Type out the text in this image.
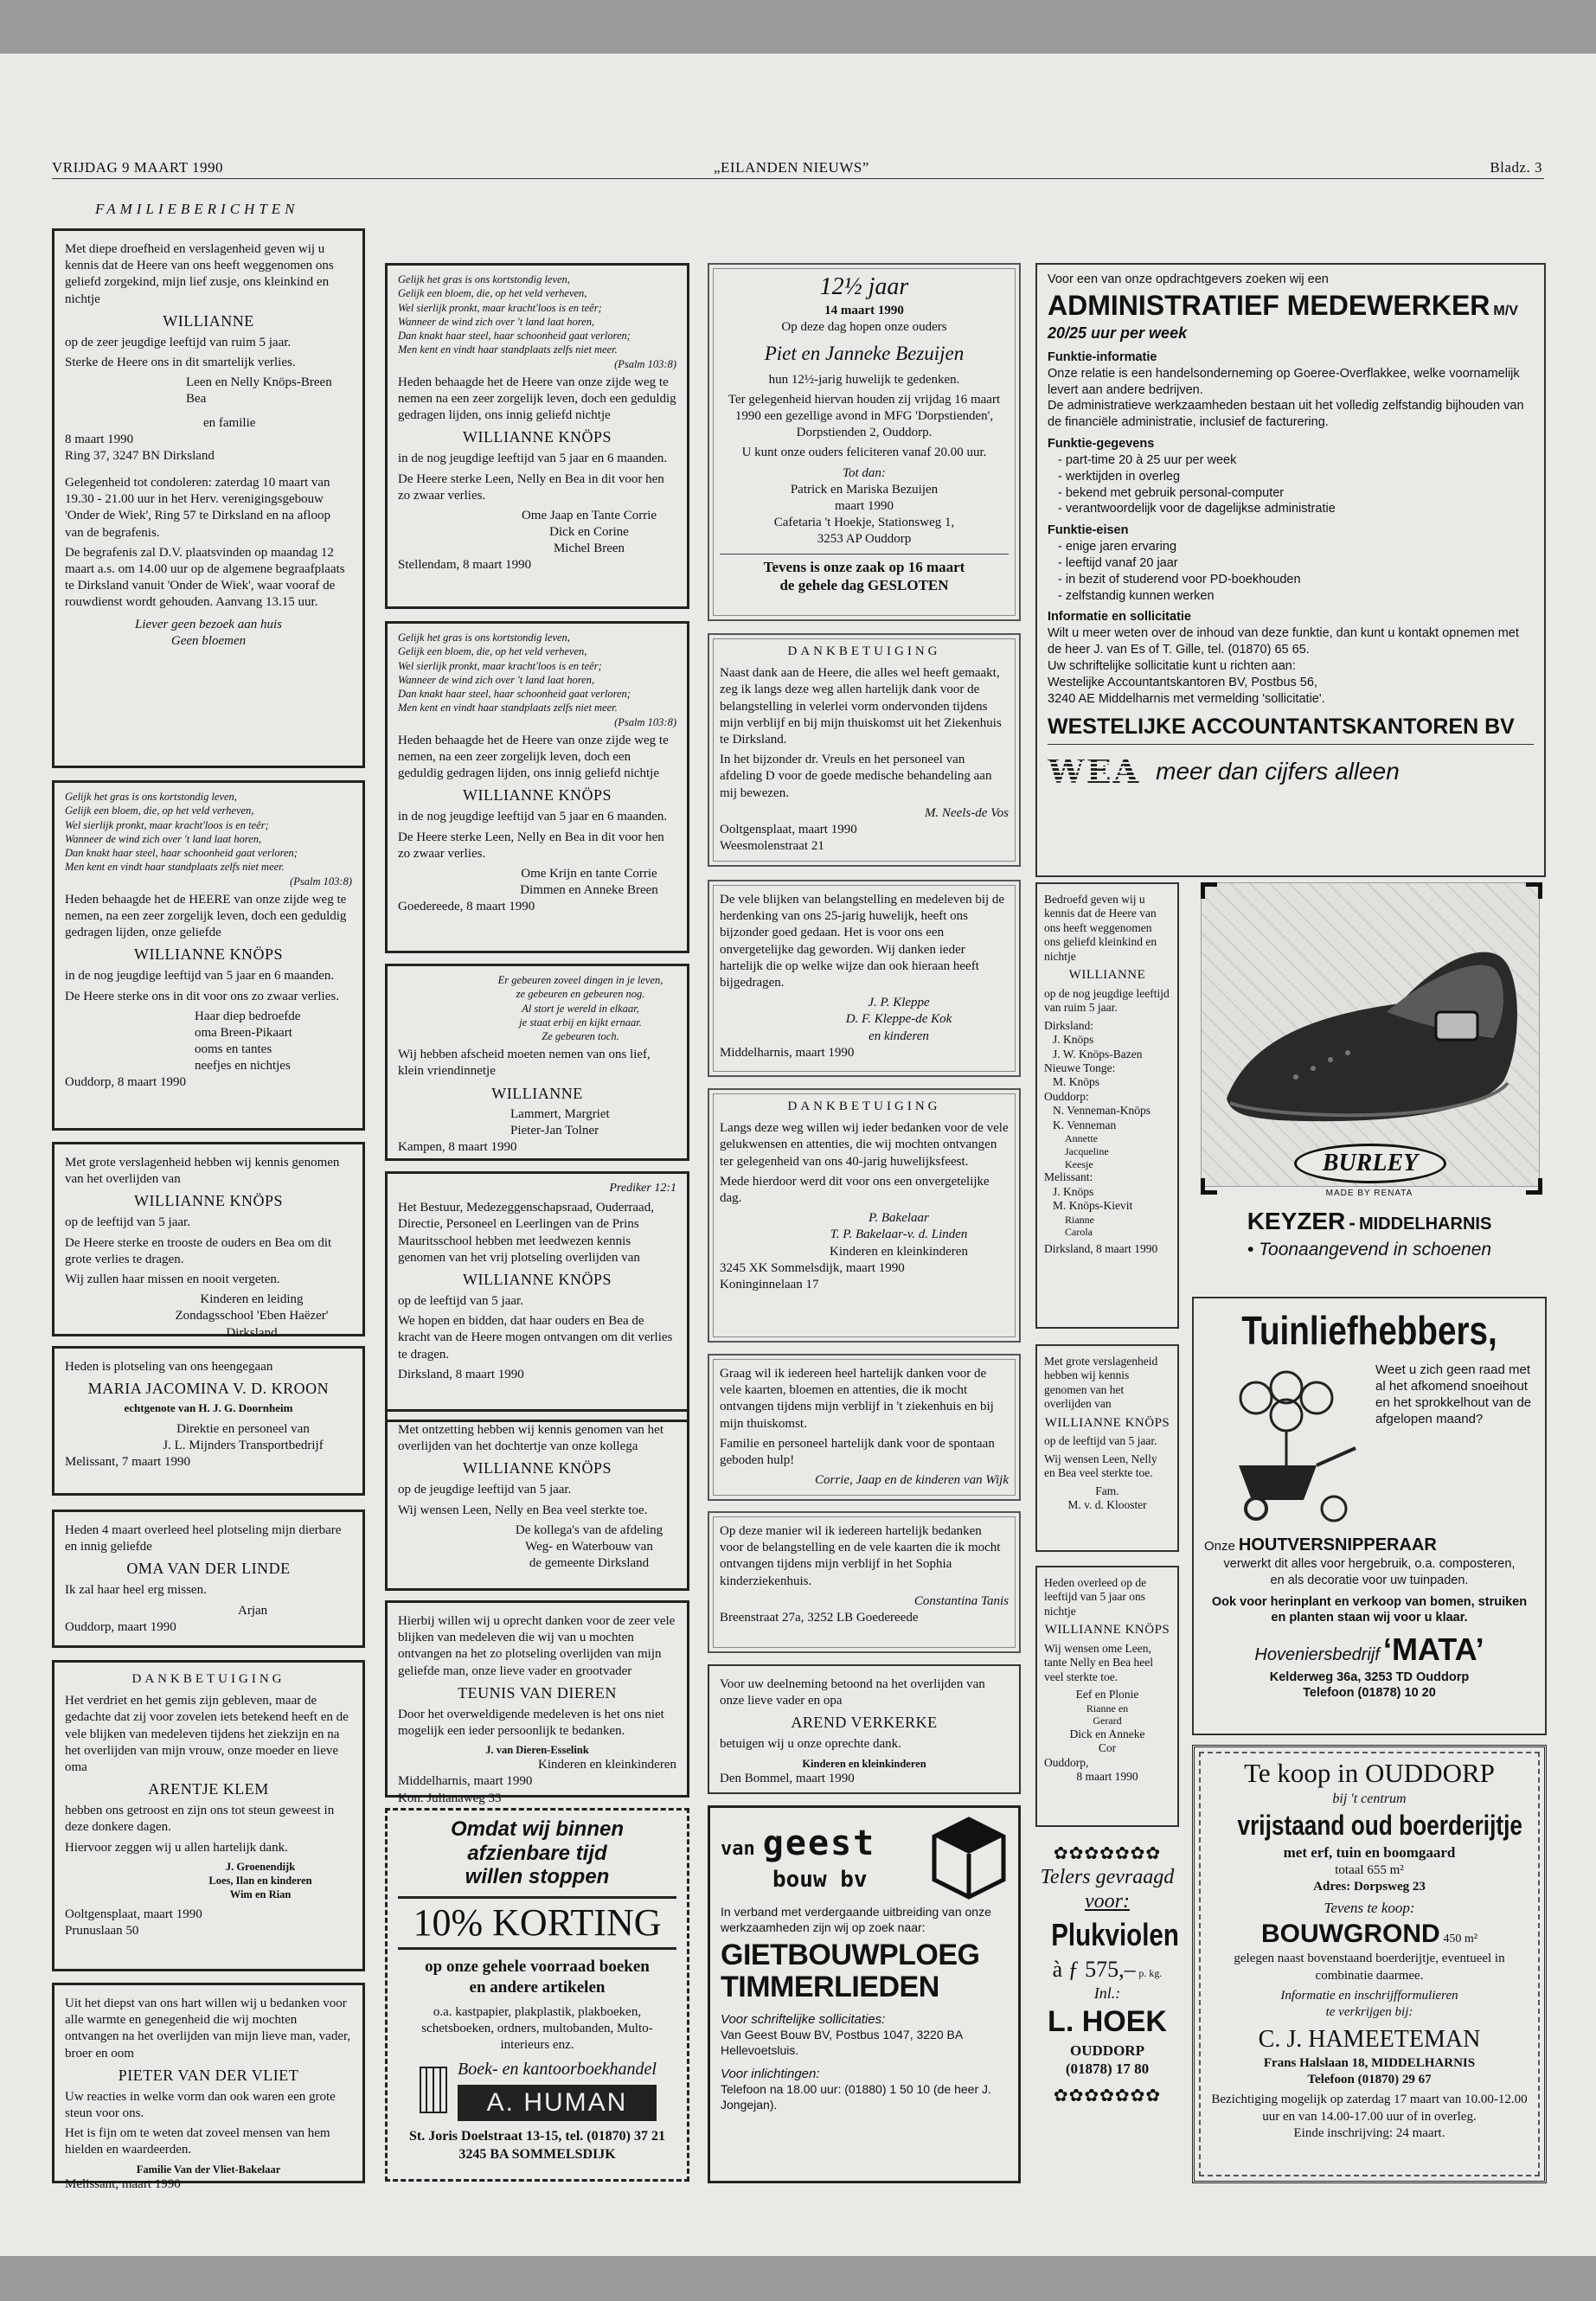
VRIJDAG 9 MAART 1990	„EILANDEN NIEUWS”	Bladz. 3
FAMILIEBERICHTEN

Met diepe droefheid en verslagenheid geven wij u kennis dat de Heere van ons heeft weggenomen ons geliefd zorgekind, mijn lief zusje, ons kleinkind en nichtje

WILLIANNE

op de zeer jeugdige leeftijd van ruim 5 jaar.

Sterke de Heere ons in dit smartelijk verlies.

Leen en Nelly Knöps-Breen
Bea
en familie
8 maart 1990
Ring 37, 3247 BN Dirksland

Gelegenheid tot condoleren: zaterdag 10 maart van 19.30 - 21.00 uur in het Herv. verenigingsgebouw 'Onder de Wiek', Ring 57 te Dirksland en na afloop van de begrafenis.

De begrafenis zal D.V. plaatsvinden op maandag 12 maart a.s. om 14.00 uur op de algemene begraafplaats te Dirksland vanuit 'Onder de Wiek', waar vooraf de rouwdienst wordt gehouden. Aanvang 13.15 uur.

Liever geen bezoek aan huis
Geen bloemen
Gelijk het gras is ons kortstondig leven,
Gelijk een bloem, die, op het veld verheven,
Wel sierlijk pronkt, maar kracht'loos is en teêr;
Wanneer de wind zich over 't land laat horen,
Dan knakt haar steel, haar schoonheid gaat verloren;
Men kent en vindt haar standplaats zelfs niet meer.
(Psalm 103:8)

Heden behaagde het de HEERE van onze zijde weg te nemen, na een zeer zorgelijk leven, doch een geduldig gedragen lijden, onze geliefde

WILLIANNE KNÖPS

in de nog jeugdige leeftijd van 5 jaar en 6 maanden.

De Heere sterke ons in dit voor ons zo zwaar verlies.

Haar diep bedroefde
oma Breen-Pikaart
ooms en tantes
neefjes en nichtjes
Ouddorp, 8 maart 1990

Met grote verslagenheid hebben wij kennis genomen van het overlijden van

WILLIANNE KNÖPS

op de leeftijd van 5 jaar.

De Heere sterke en trooste de ouders en Bea om dit grote verlies te dragen.

Wij zullen haar missen en nooit vergeten.

Kinderen en leiding
Zondagsschool 'Eben Haëzer'
Dirksland

Heden is plotseling van ons heengegaan

MARIA JACOMINA V. D. KROON
echtgenote van H. J. G. Doornheim
Direktie en personeel van
J. L. Mijnders Transportbedrijf
Melissant, 7 maart 1990

Heden 4 maart overleed heel plotseling mijn dierbare en innig geliefde

OMA VAN DER LINDE

Ik zal haar heel erg missen.

Arjan
Ouddorp, maart 1990
DANKBETUIGING

Het verdriet en het gemis zijn gebleven, maar de gedachte dat zij voor zovelen iets betekend heeft en de vele blijken van medeleven tijdens het ziekzijn en na het overlijden van mijn vrouw, onze moeder en lieve oma

ARENTJE KLEM

hebben ons getroost en zijn ons tot steun geweest in deze donkere dagen.

Hiervoor zeggen wij u allen hartelijk dank.

J. Groenendijk
Loes, Ilan en kinderen
Wim en Rian
Ooltgensplaat, maart 1990
Prunuslaan 50

Uit het diepst van ons hart willen wij u bedanken voor alle warmte en genegenheid die wij mochten ontvangen na het overlijden van mijn lieve man, vader, broer en oom

PIETER VAN DER VLIET

Uw reacties in welke vorm dan ook waren een grote steun voor ons.

Het is fijn om te weten dat zoveel mensen van hem hielden en waardeerden.

Familie Van der Vliet-Bakelaar
Melissant, maart 1990
Gelijk het gras is ons kortstondig leven,
Gelijk een bloem, die, op het veld verheven,
Wel sierlijk pronkt, maar kracht'loos is en teêr;
Wanneer de wind zich over 't land laat horen,
Dan knakt haar steel, haar schoonheid gaat verloren;
Men kent en vindt haar standplaats zelfs niet meer.
(Psalm 103:8)

Heden behaagde het de Heere van onze zijde weg te nemen na een zeer zorgelijk leven, doch een geduldig gedragen lijden, ons innig geliefd nichtje

WILLIANNE KNÖPS

in de nog jeugdige leeftijd van 5 jaar en 6 maanden.

De Heere sterke Leen, Nelly en Bea in dit voor hen zo zwaar verlies.

Ome Jaap en Tante Corrie
Dick en Corine
Michel Breen
Stellendam, 8 maart 1990
Gelijk het gras is ons kortstondig leven,
Gelijk een bloem, die, op het veld verheven,
Wel sierlijk pronkt, maar kracht'loos is en teêr;
Wanneer de wind zich over 't land laat horen,
Dan knakt haar steel, haar schoonheid gaat verloren;
Men kent en vindt haar standplaats zelfs niet meer.
(Psalm 103:8)

Heden behaagde het de Heere van onze zijde weg te nemen, na een zeer zorgelijk leven, doch een geduldig gedragen lijden, ons innig geliefd nichtje

WILLIANNE KNÖPS

in de nog jeugdige leeftijd van 5 jaar en 6 maanden.

De Heere sterke Leen, Nelly en Bea in dit voor hen zo zwaar verlies.

Ome Krijn en tante Corrie
Dimmen en Anneke Breen
Goedereede, 8 maart 1990
Er gebeuren zoveel dingen in je leven,
ze gebeuren en gebeuren nog.
Al stort je wereld in elkaar,
je staat erbij en kijkt ernaar.
Ze gebeuren toch.

Wij hebben afscheid moeten nemen van ons lief, klein vriendinnetje

WILLIANNE
Lammert, Margriet
Pieter-Jan Tolner
Kampen, 8 maart 1990
Prediker 12:1

Het Bestuur, Medezeggenschapsraad, Ouderraad, Directie, Personeel en Leerlingen van de Prins Mauritsschool hebben met leedwezen kennis genomen van het vrij plotseling overlijden van

WILLIANNE KNÖPS

op de leeftijd van 5 jaar.

We hopen en bidden, dat haar ouders en Bea de kracht van de Heere mogen ontvangen om dit verlies te dragen.

Dirksland, 8 maart 1990

Met ontzetting hebben wij kennis genomen van het overlijden van het dochtertje van onze kollega

WILLIANNE KNÖPS

op de jeugdige leeftijd van 5 jaar.

Wij wensen Leen, Nelly en Bea veel sterkte toe.

De kollega's van de afdeling
Weg- en Waterbouw van
de gemeente Dirksland

Hierbij willen wij u oprecht danken voor de zeer vele blijken van medeleven die wij van u mochten ontvangen na het zo plotseling overlijden van mijn geliefde man, onze lieve vader en grootvader

TEUNIS VAN DIEREN

Door het overweldigende medeleven is het ons niet mogelijk een ieder persoonlijk te bedanken.

J. van Dieren-Esselink
Kinderen en kleinkinderen
Middelharnis, maart 1990
Kon. Julianaweg 33
Omdat wij binnen afzienbare tijd
willen stoppen
10% KORTING
op onze gehele voorraad boeken
en andere artikelen
o.a. kastpapier, plakplastik, plakboeken, schetsboeken, ordners, multobanden, Multo-interieurs enz.
Boek- en kantoorboekhandel
A. HUMAN
St. Joris Doelstraat 13-15, tel. (01870) 37 21
3245 BA SOMMELSDIJK
12½ jaar
14 maart 1990
Op deze dag hopen onze ouders
Piet en Janneke Bezuijen
hun 12½-jarig huwelijk te gedenken.

Ter gelegenheid hiervan houden zij vrijdag 16 maart 1990 een gezellige avond in MFG 'Dorpstienden', Dorpstienden 2, Ouddorp.

U kunt onze ouders feliciteren vanaf 20.00 uur.

Tot dan:
Patrick en Mariska Bezuijen
maart 1990
Cafetaria 't Hoekje, Stationsweg 1,
3253 AP Ouddorp
Tevens is onze zaak op 16 maart
de gehele dag GESLOTEN
DANKBETUIGING

Naast dank aan de Heere, die alles wel heeft gemaakt, zeg ik langs deze weg allen hartelijk dank voor de belangstelling in velerlei vorm ondervonden tijdens mijn verblijf en bij mijn thuiskomst uit het Ziekenhuis te Dirksland.

In het bijzonder dr. Vreuls en het personeel van afdeling D voor de goede medische behandeling aan mij bewezen.

M. Neels-de Vos
Ooltgensplaat, maart 1990
Weesmolenstraat 21

De vele blijken van belangstelling en medeleven bij de herdenking van ons 25-jarig huwelijk, heeft ons bijzonder goed gedaan. Het is voor ons een onvergetelijke dag geworden. Wij danken ieder hartelijk die op welke wijze dan ook hieraan heeft bijgedragen.

J. P. Kleppe
D. F. Kleppe-de Kok
en kinderen
Middelharnis, maart 1990
DANKBETUIGING

Langs deze weg willen wij ieder bedanken voor de vele gelukwensen en attenties, die wij mochten ontvangen ter gelegenheid van ons 40-jarig huwelijksfeest.

Mede hierdoor werd dit voor ons een onvergetelijke dag.

P. Bakelaar
T. P. Bakelaar-v. d. Linden
Kinderen en kleinkinderen
3245 XK Sommelsdijk, maart 1990
Koninginnelaan 17

Graag wil ik iedereen heel hartelijk danken voor de vele kaarten, bloemen en attenties, die ik mocht ontvangen tijdens mijn verblijf in 't ziekenhuis en bij mijn thuiskomst.

Familie en personeel hartelijk dank voor de spontaan geboden hulp!

Corrie, Jaap en de kinderen van Wijk

Op deze manier wil ik iedereen hartelijk bedanken voor de belangstelling en de vele kaarten die ik mocht ontvangen tijdens mijn verblijf in het Sophia kinderziekenhuis.

Constantina Tanis
Breenstraat 27a, 3252 LB Goedereede

Voor uw deelneming betoond na het overlijden van onze lieve vader en opa

AREND VERKERKE

betuigen wij u onze oprechte dank.

Kinderen en kleinkinderen
Den Bommel, maart 1990
van geest
bouw bv

In verband met verdergaande uitbreiding van onze werkzaamheden zijn wij op zoek naar:

GIETBOUWPLOEG TIMMERLIEDEN
Voor schriftelijke sollicitaties:
Van Geest Bouw BV, Postbus 1047, 3220 BA Hellevoetsluis.
Voor inlichtingen:
Telefoon na 18.00 uur: (01880) 1 50 10 (de heer J. Jongejan).
Voor een van onze opdrachtgevers zoeken wij een
ADMINISTRATIEF MEDEWERKER M/V
20/25 uur per week
Funktie-informatie
Onze relatie is een handelsonderneming op Goeree-Overflakkee, welke voornamelijk levert aan andere bedrijven.
De administratieve werkzaamheden bestaan uit het volledig zelfstandig bijhouden van de financiële administratie, inclusief de facturering.
Funktie-gegevens
- part-time 20 à 25 uur per week
- werktijden in overleg
- bekend met gebruik personal-computer
- verantwoordelijk voor de dagelijkse administratie
Funktie-eisen
- enige jaren ervaring
- leeftijd vanaf 20 jaar
- in bezit of studerend voor PD-boekhouden
- zelfstandig kunnen werken
Informatie en sollicitatie
Wilt u meer weten over de inhoud van deze funktie, dan kunt u kontakt opnemen met de heer J. van Es of T. Gille, tel. (01870) 65 65.
Uw schriftelijke sollicitatie kunt u richten aan:
Westelijke Accountantskantoren BV, Postbus 56,
3240 AE Middelharnis met vermelding 'sollicitatie'.
WESTELIJKE ACCOUNTANTSKANTOREN BV
WEA meer dan cijfers alleen

Bedroefd geven wij u kennis dat de Heere van ons heeft weggenomen ons geliefd kleinkind en nichtje

WILLIANNE

op de nog jeugdige leeftijd van ruim 5 jaar.

Dirksland:
J. Knöps
J. W. Knöps-Bazen
Nieuwe Tonge:
M. Knöps
Ouddorp:
N. Venneman-Knöps
K. Venneman
Annette
Jacqueline
Keesje
Melissant:
J. Knöps
M. Knöps-Kievit
Rianne
Carola
Dirksland, 8 maart 1990

Met grote verslagenheid hebben wij kennis genomen van het overlijden van

WILLIANNE KNÖPS

op de leeftijd van 5 jaar.

Wij wensen Leen, Nelly en Bea veel sterkte toe.

Fam.
M. v. d. Klooster

Heden overleed op de leeftijd van 5 jaar ons nichtje

WILLIANNE KNÖPS

Wij wensen ome Leen, tante Nelly en Bea heel veel sterkte toe.

Eef en Plonie
Rianne en
Gerard
Dick en Anneke
Cor
Ouddorp,
8 maart 1990
✿✿✿✿✿✿✿
Telers gevraagd
voor:
Plukviolen
à ƒ 575,– p. kg.
Inl.:
L. HOEK
OUDDORP
(01878) 17 80
✿✿✿✿✿✿✿
BURLEY
MADE BY RENATA
KEYZER - MIDDELHARNIS
• Toonaangevend in schoenen
Tuinliefhebbers,
Weet u zich geen raad met al het afkomend snoeihout en het sprokkelhout van de afgelopen maand?
Onze HOUTVERSNIPPERAAR
verwerkt dit alles voor hergebruik, o.a. composteren, en als decoratie voor uw tuinpaden.
Ook voor herinplant en verkoop van bomen, struiken en planten staan wij voor u klaar.
Hoveniersbedrijf ‘MATA’
Kelderweg 36a, 3253 TD Ouddorp
Telefoon (01878) 10 20
Te koop in OUDDORP
bij 't centrum
vrijstaand oud boerderijtje
met erf, tuin en boomgaard
totaal 655 m²
Adres: Dorpsweg 23
Tevens te koop:
BOUWGROND 450 m²
gelegen naast bovenstaand boerderijtje, eventueel in combinatie daarmee.
Informatie en inschrijfformulieren
te verkrijgen bij:
C. J. HAMEETEMAN
Frans Halslaan 18, MIDDELHARNIS
Telefoon (01870) 29 67
Bezichtiging mogelijk op zaterdag 17 maart van 10.00-12.00 uur en van 14.00-17.00 uur of in overleg.
Einde inschrijving: 24 maart.
